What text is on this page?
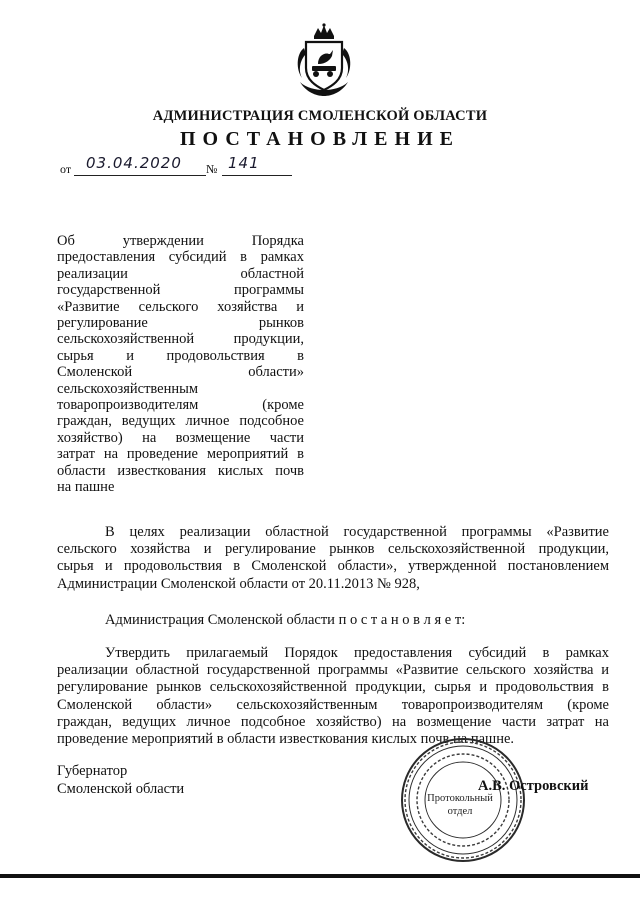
АДМИНИСТРАЦИЯ СМОЛЕНСКОЙ ОБЛАСТИ
ПОСТАНОВЛЕНИЕ
от 03.04.2020 № 141
Об утверждении Порядка
предоставления субсидий в рамках
реализации областной
государственной программы
«Развитие сельского хозяйства и
регулирование рынков
сельскохозяйственной продукции,
сырья и продовольствия в
Смоленской области»
сельскохозяйственным
товаропроизводителям (кроме
граждан, ведущих личное подсобное
хозяйство) на возмещение части
затрат на проведение мероприятий в
области известкования кислых почв
на пашне
В целях реализации областной государственной программы «Развитие
сельского хозяйства и регулирование рынков сельскохозяйственной продукции,
сырья и продовольствия в Смоленской области», утвержденной постановлением
Администрации Смоленской области от 20.11.2013 № 928,
Администрация Смоленской области п о с т а н о в л я е т:
Утвердить прилагаемый Порядок предоставления субсидий в рамках
реализации областной государственной программы «Развитие сельского хозяйства и
регулирование рынков сельскохозяйственной продукции, сырья и продовольствия в
Смоленской области» сельскохозяйственным товаропроизводителям (кроме
граждан, ведущих личное подсобное хозяйство) на возмещение части затрат на
проведение мероприятий в области известкования кислых почв на пашне.
Губернатор
Смоленской области
Протокольный
отдел
А.В. Островский
